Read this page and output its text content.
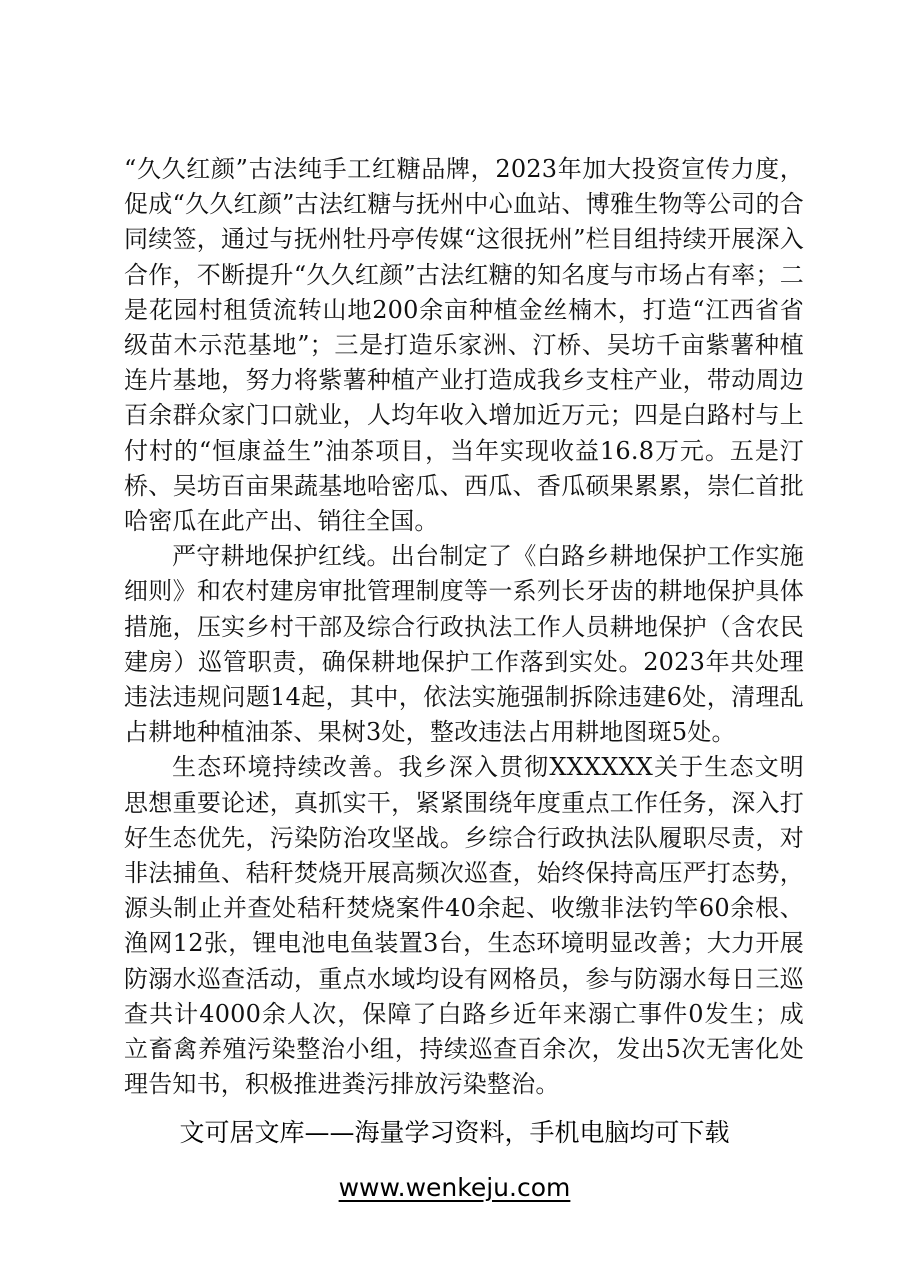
“久久红颜”古法纯手工红糖品牌，2023年加大投资宣传力度，促成“久久红颜”古法红糖与抚州中心血站、博雅生物等公司的合同续签，通过与抚州牡丹亭传媒“这很抚州”栏目组持续开展深入合作，不断提升“久久红颜”古法红糖的知名度与市场占有率；二是花园村租赁流转山地200余亩种植金丝楠木，打造“江西省省级苗木示范基地”；三是打造乐家洲、汀桥、吴坊千亩紫薯种植连片基地，努力将紫薯种植产业打造成我乡支柱产业，带动周边百余群众家门口就业，人均年收入增加近万元；四是白路村与上付村的“恒康益生”油茶项目，当年实现收益16.8万元。五是汀桥、吴坊百亩果蔬基地哈密瓜、西瓜、香瓜硕果累累，崇仁首批哈密瓜在此产出、销往全国。

严守耕地保护红线。出台制定了《白路乡耕地保护工作实施细则》和农村建房审批管理制度等一系列长牙齿的耕地保护具体措施，压实乡村干部及综合行政执法工作人员耕地保护（含农民建房）巡管职责，确保耕地保护工作落到实处。2023年共处理违法违规问题14起，其中，依法实施强制拆除违建6处，清理乱占耕地种植油茶、果树3处，整改违法占用耕地图斑5处。

生态环境持续改善。我乡深入贯彻XXXXXX关于生态文明思想重要论述，真抓实干，紧紧围绕年度重点工作任务，深入打好生态优先，污染防治攻坚战。乡综合行政执法队履职尽责，对非法捕鱼、秸秆焚烧开展高频次巡查，始终保持高压严打态势，源头制止并查处秸秆焚烧案件40余起、收缴非法钓竿60余根、渔网12张，锂电池电鱼装置3台，生态环境明显改善；大力开展防溺水巡查活动，重点水域均设有网格员，参与防溺水每日三巡查共计4000余人次，保障了白路乡近年来溺亡事件0发生；成立畜禽养殖污染整治小组，持续巡查百余次，发出5次无害化处理告知书，积极推进粪污排放污染整治。

文可居文库——海量学习资料，手机电脑均可下载
www.wenkeju.com
